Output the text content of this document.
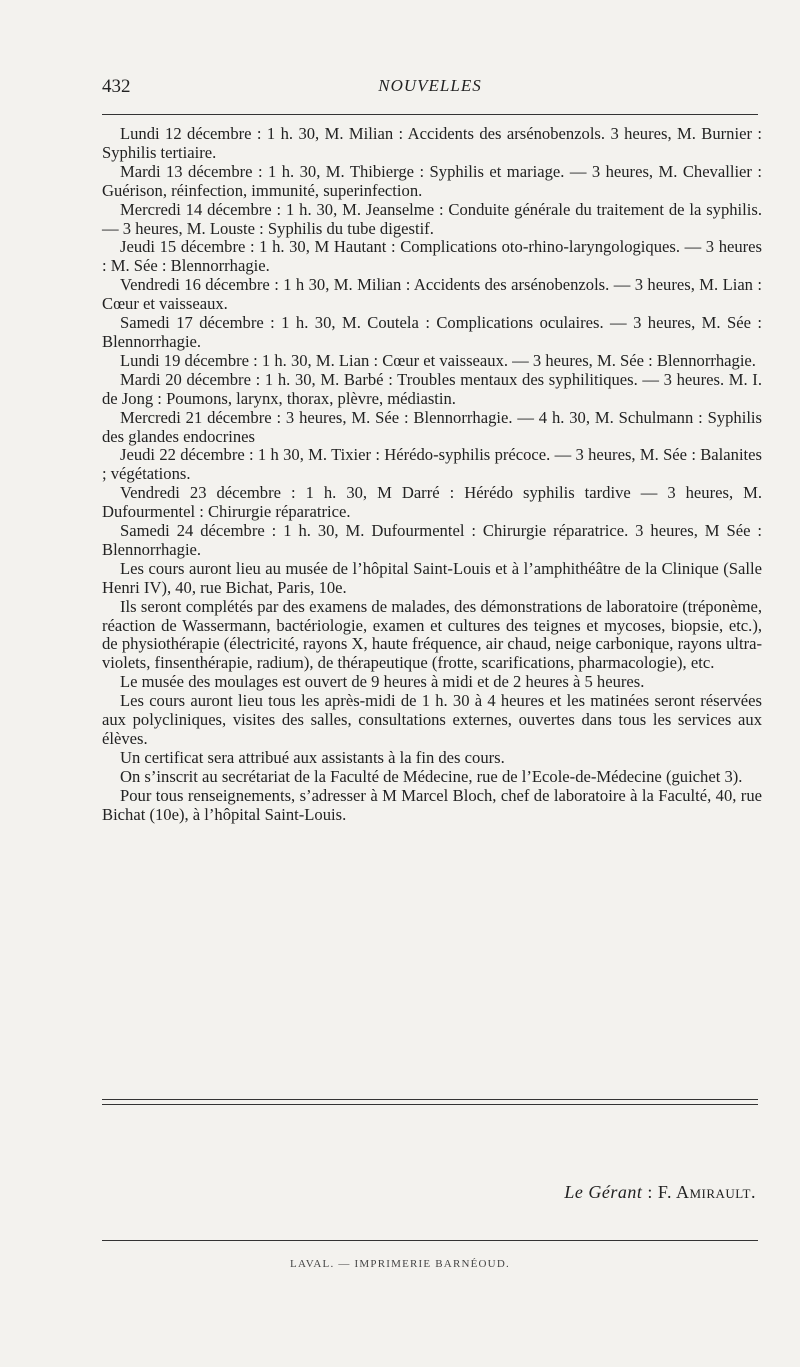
432	NOUVELLES

Lundi 12 décembre : 1 h. 30, M. Milian : Accidents des arsénobenzols. 3 heures, M. Burnier : Syphilis tertiaire.

Mardi 13 décembre : 1 h. 30, M. Thibierge : Syphilis et mariage. — 3 heures, M. Chevallier : Guérison, réinfection, immunité, superinfection.

Mercredi 14 décembre : 1 h. 30, M. Jeanselme : Conduite générale du traitement de la syphilis. — 3 heures, M. Louste : Syphilis du tube digestif.

Jeudi 15 décembre : 1 h. 30, M Hautant : Complications oto-rhino-laryngologiques. — 3 heures : M. Sée : Blennorrhagie.

Vendredi 16 décembre : 1 h 30, M. Milian : Accidents des arsénobenzols. — 3 heures, M. Lian : Cœur et vaisseaux.

Samedi 17 décembre : 1 h. 30, M. Coutela : Complications oculaires. — 3 heures, M. Sée : Blennorrhagie.

Lundi 19 décembre : 1 h. 30, M. Lian : Cœur et vaisseaux. — 3 heures, M. Sée : Blennorrhagie.

Mardi 20 décembre : 1 h. 30, M. Barbé : Troubles mentaux des syphilitiques. — 3 heures. M. I. de Jong : Poumons, larynx, thorax, plèvre, médiastin.

Mercredi 21 décembre : 3 heures, M. Sée : Blennorrhagie. — 4 h. 30, M. Schulmann : Syphilis des glandes endocrines

Jeudi 22 décembre : 1 h 30, M. Tixier : Hérédo-syphilis précoce. — 3 heures, M. Sée : Balanites ; végétations.

Vendredi 23 décembre : 1 h. 30, M Darré : Hérédo syphilis tardive — 3 heures, M. Dufourmentel : Chirurgie réparatrice.

Samedi 24 décembre : 1 h. 30, M. Dufourmentel : Chirurgie réparatrice. 3 heures, M Sée : Blennorrhagie.

Les cours auront lieu au musée de l’hôpital Saint-Louis et à l’amphithéâtre de la Clinique (Salle Henri IV), 40, rue Bichat, Paris, 10e.

Ils seront complétés par des examens de malades, des démonstrations de laboratoire (tréponème, réaction de Wassermann, bactériologie, examen et cultures des teignes et mycoses, biopsie, etc.), de physiothérapie (électricité, rayons X, haute fréquence, air chaud, neige carbonique, rayons ultra-violets, finsenthérapie, radium), de thérapeutique (frotte, scarifications, pharmacologie), etc.

Le musée des moulages est ouvert de 9 heures à midi et de 2 heures à 5 heures.

Les cours auront lieu tous les après-midi de 1 h. 30 à 4 heures et les matinées seront réservées aux polycliniques, visites des salles, consultations externes, ouvertes dans tous les services aux élèves.

Un certificat sera attribué aux assistants à la fin des cours.

On s’inscrit au secrétariat de la Faculté de Médecine, rue de l’Ecole-de-Médecine (guichet 3).

Pour tous renseignements, s’adresser à M Marcel Bloch, chef de laboratoire à la Faculté, 40, rue Bichat (10e), à l’hôpital Saint-Louis.

Le Gérant : F. Amirault.
LAVAL. — IMPRIMERIE BARNÉOUD.
